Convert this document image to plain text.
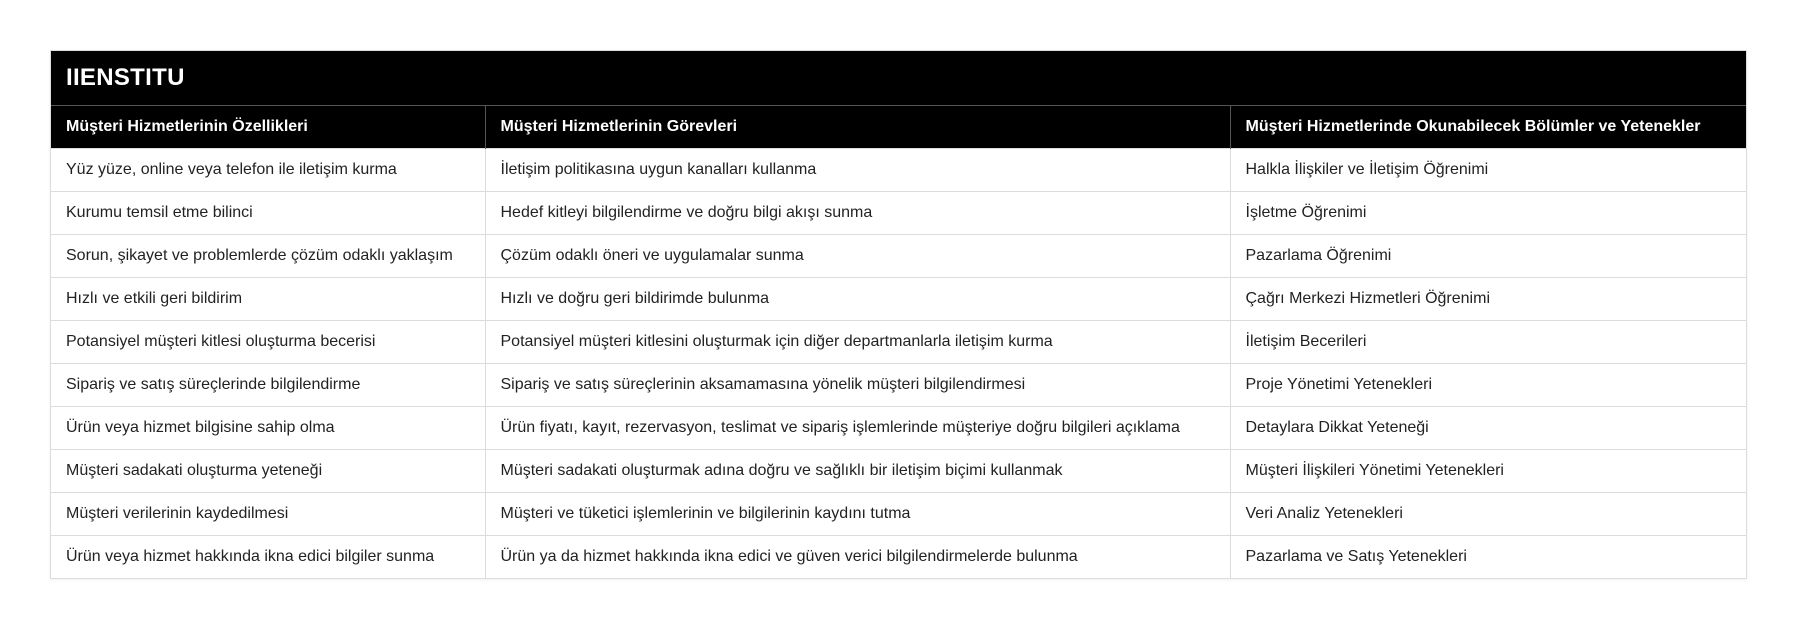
IIENSTITU
Müşteri Hizmetlerinin Özellikleri	Müşteri Hizmetlerinin Görevleri	Müşteri Hizmetlerinde Okunabilecek Bölümler ve Yetenekler
Yüz yüze, online veya telefon ile iletişim kurma	İletişim politikasına uygun kanalları kullanma	Halkla İlişkiler ve İletişim Öğrenimi
Kurumu temsil etme bilinci	Hedef kitleyi bilgilendirme ve doğru bilgi akışı sunma	İşletme Öğrenimi
Sorun, şikayet ve problemlerde çözüm odaklı yaklaşım	Çözüm odaklı öneri ve uygulamalar sunma	Pazarlama Öğrenimi
Hızlı ve etkili geri bildirim	Hızlı ve doğru geri bildirimde bulunma	Çağrı Merkezi Hizmetleri Öğrenimi
Potansiyel müşteri kitlesi oluşturma becerisi	Potansiyel müşteri kitlesini oluşturmak için diğer departmanlarla iletişim kurma	İletişim Becerileri
Sipariş ve satış süreçlerinde bilgilendirme	Sipariş ve satış süreçlerinin aksamamasına yönelik müşteri bilgilendirmesi	Proje Yönetimi Yetenekleri
Ürün veya hizmet bilgisine sahip olma	Ürün fiyatı, kayıt, rezervasyon, teslimat ve sipariş işlemlerinde müşteriye doğru bilgileri açıklama	Detaylara Dikkat Yeteneği
Müşteri sadakati oluşturma yeteneği	Müşteri sadakati oluşturmak adına doğru ve sağlıklı bir iletişim biçimi kullanmak	Müşteri İlişkileri Yönetimi Yetenekleri
Müşteri verilerinin kaydedilmesi	Müşteri ve tüketici işlemlerinin ve bilgilerinin kaydını tutma	Veri Analiz Yetenekleri
Ürün veya hizmet hakkında ikna edici bilgiler sunma	Ürün ya da hizmet hakkında ikna edici ve güven verici bilgilendirmelerde bulunma	Pazarlama ve Satış Yetenekleri
